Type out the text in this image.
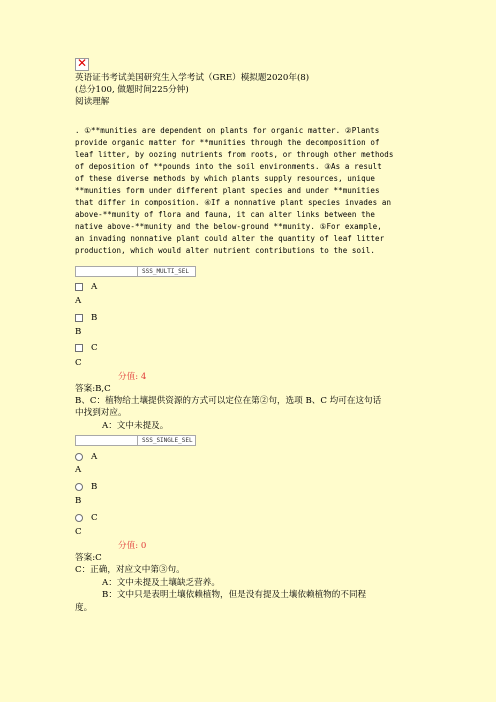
✕
英语证书考试美国研究生入学考试（GRE）模拟题2020年(8)
(总分100, 做题时间225分钟)
阅读理解
. ①**munities are dependent on plants for organic matter. ②Plants
provide organic matter for **munities through the decomposition of
leaf litter, by oozing nutrients from roots, or through other methods
of deposition of **pounds into the soil environments. ③As a result
of these diverse methods by which plants supply resources, unique
**munities form under different plant species and under **munities
that differ in composition. ④If a nonnative plant species invades an
above-**munity of flora and fauna, it can alter links between the
native above-**munity and the below-ground **munity. ⑤For example,
an invading nonnative plant could alter the quantity of leaf litter
production, which would alter nutrient contributions to the soil.
SSS_MULTI_SEL
A
A
B
B
C
C
分值: 4
答案:B,C
B、C：植物给土壤提供资源的方式可以定位在第②句，选项 B、C 均可在这句话
中找到对应。
A：文中未提及。
SSS_SINGLE_SEL
A
A
B
B
C
C
分值: 0
答案:C
C：正确，对应文中第③句。
A：文中未提及土壤缺乏营养。
B：文中只是表明土壤依赖植物，但是没有提及土壤依赖植物的不同程
度。
